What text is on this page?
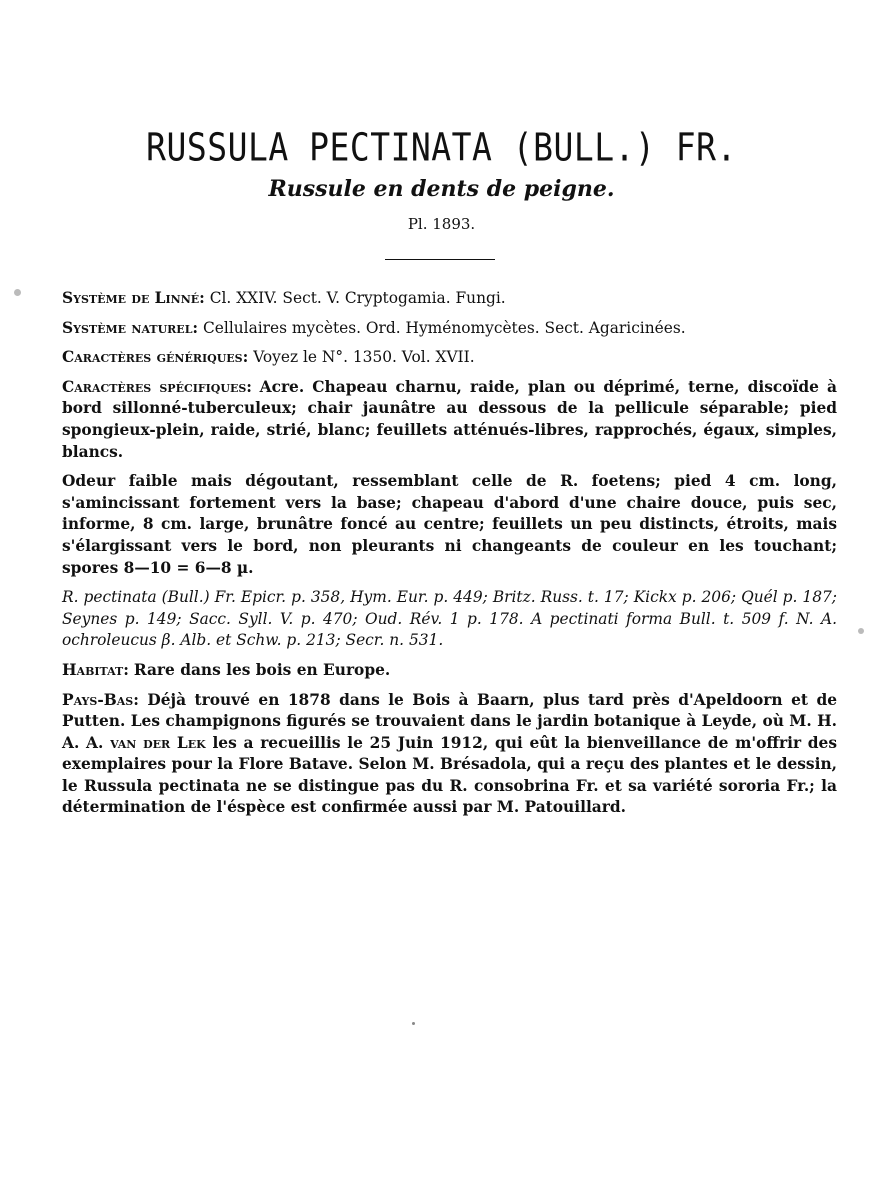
RUSSULA PECTINATA (BULL.) FR.
Russule en dents de peigne.
Pl. 1893.

Système de Linné: Cl. XXIV. Sect. V. Cryptogamia. Fungi.

Système naturel: Cellulaires mycètes. Ord. Hyménomycètes. Sect. Agaricinées.

Caractères génériques: Voyez le N°. 1350. Vol. XVII.

Caractères spécifiques: Acre. Chapeau charnu, raide, plan ou déprimé, terne, discoïde à bord sillonné-tuberculeux; chair jaunâtre au dessous de la pellicule séparable; pied spongieux-plein, raide, strié, blanc; feuillets atténués-libres, rapprochés, égaux, simples, blancs.

Odeur faible mais dégoutant, ressemblant celle de R. foetens; pied 4 cm. long, s'amincissant fortement vers la base; chapeau d'abord d'une chaire douce, puis sec, informe, 8 cm. large, brunâtre foncé au centre; feuillets un peu distincts, étroits, mais s'élargissant vers le bord, non pleurants ni changeants de couleur en les touchant; spores 8—10 = 6—8 µ.

R. pectinata (Bull.) Fr. Epicr. p. 358, Hym. Eur. p. 449; Britz. Russ. t. 17; Kickx p. 206; Quél p. 187; Seynes p. 149; Sacc. Syll. V. p. 470; Oud. Rév. 1 p. 178. A pectinati forma Bull. t. 509 f. N. A. ochroleucus β. Alb. et Schw. p. 213; Secr. n. 531.

Habitat: Rare dans les bois en Europe.

Pays-Bas: Déjà trouvé en 1878 dans le Bois à Baarn, plus tard près d'Apeldoorn et de Putten. Les champignons figurés se trouvaient dans le jardin botanique à Leyde, où M. H. A. A. van der Lek les a recueillis le 25 Juin 1912, qui eût la bienveillance de m'offrir des exemplaires pour la Flore Batave. Selon M. Brésadola, qui a reçu des plantes et le dessin, le Russula pectinata ne se distingue pas du R. consobrina Fr. et sa variété sororia Fr.; la détermination de l'éspèce est confirmée aussi par M. Patouillard.
